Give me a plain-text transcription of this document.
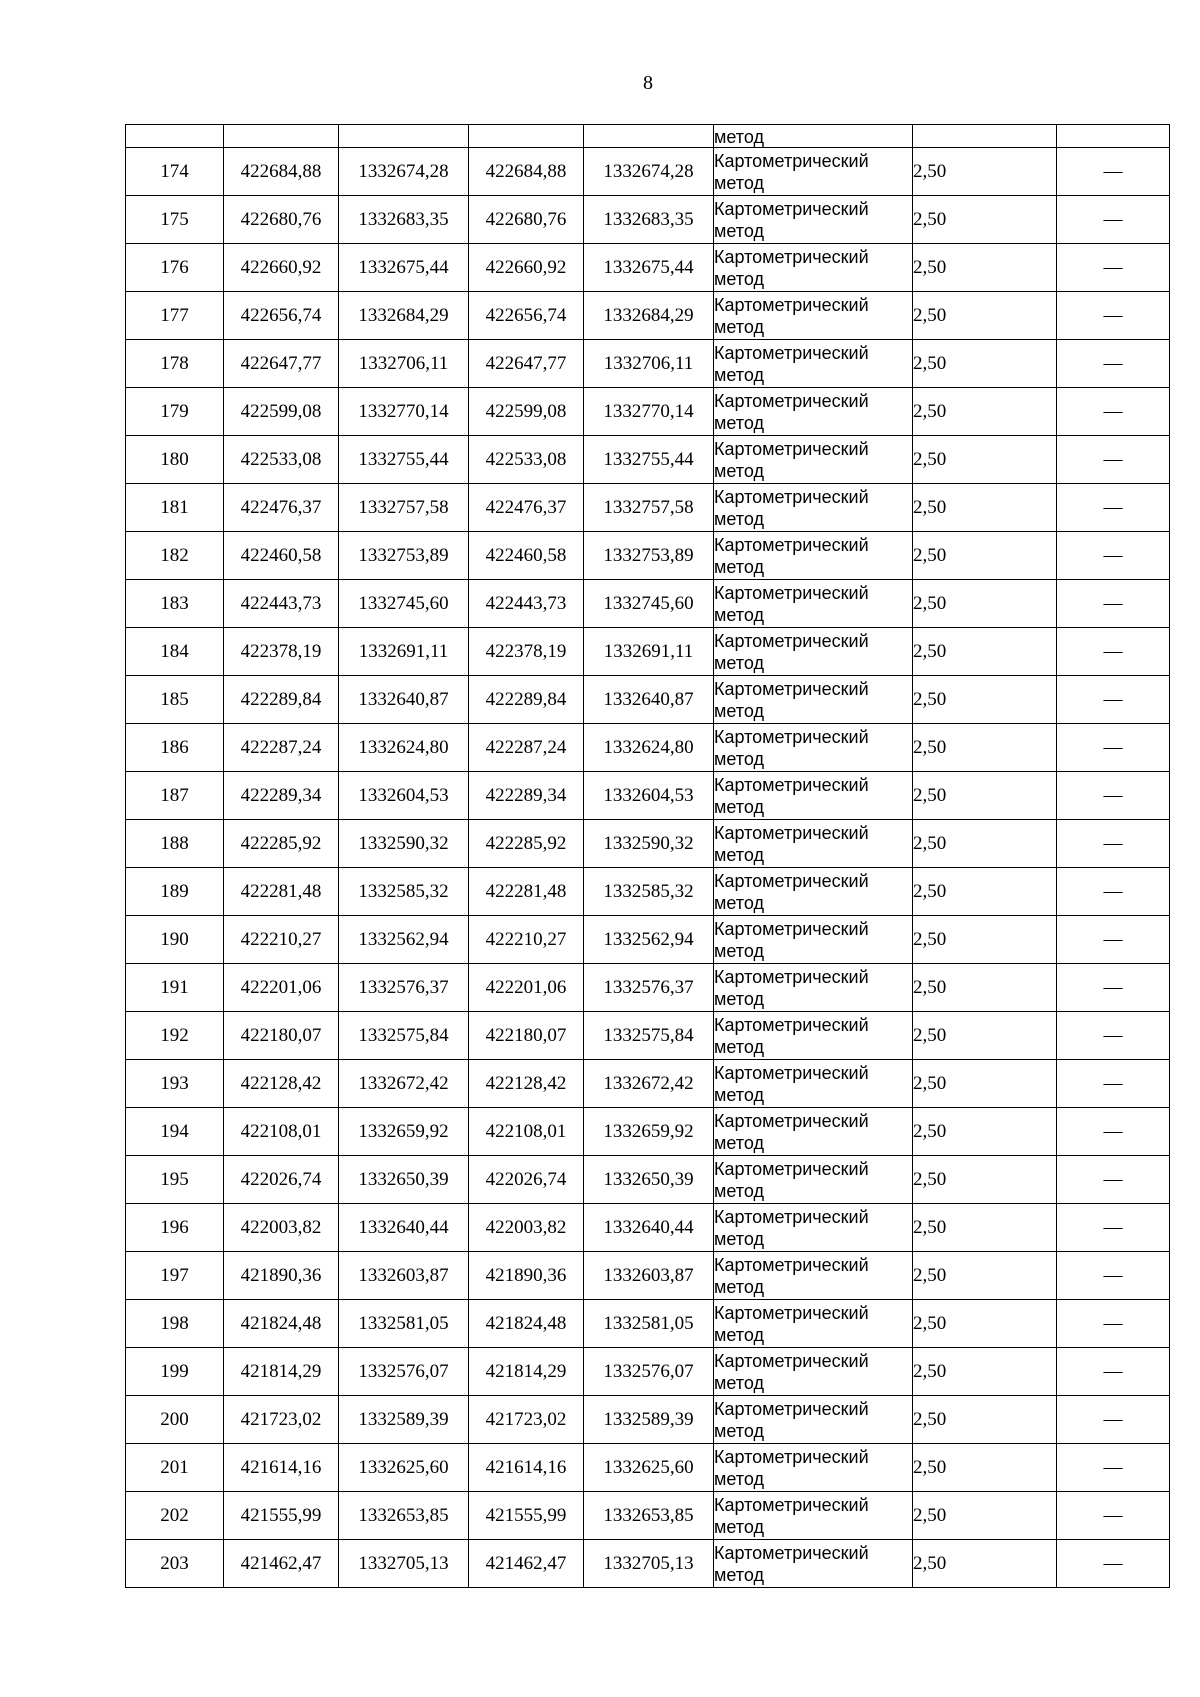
8
					метод		
174	422684,88	1332674,28	422684,88	1332674,28	Картометрический
метод	2,50	—
175	422680,76	1332683,35	422680,76	1332683,35	Картометрический
метод	2,50	—
176	422660,92	1332675,44	422660,92	1332675,44	Картометрический
метод	2,50	—
177	422656,74	1332684,29	422656,74	1332684,29	Картометрический
метод	2,50	—
178	422647,77	1332706,11	422647,77	1332706,11	Картометрический
метод	2,50	—
179	422599,08	1332770,14	422599,08	1332770,14	Картометрический
метод	2,50	—
180	422533,08	1332755,44	422533,08	1332755,44	Картометрический
метод	2,50	—
181	422476,37	1332757,58	422476,37	1332757,58	Картометрический
метод	2,50	—
182	422460,58	1332753,89	422460,58	1332753,89	Картометрический
метод	2,50	—
183	422443,73	1332745,60	422443,73	1332745,60	Картометрический
метод	2,50	—
184	422378,19	1332691,11	422378,19	1332691,11	Картометрический
метод	2,50	—
185	422289,84	1332640,87	422289,84	1332640,87	Картометрический
метод	2,50	—
186	422287,24	1332624,80	422287,24	1332624,80	Картометрический
метод	2,50	—
187	422289,34	1332604,53	422289,34	1332604,53	Картометрический
метод	2,50	—
188	422285,92	1332590,32	422285,92	1332590,32	Картометрический
метод	2,50	—
189	422281,48	1332585,32	422281,48	1332585,32	Картометрический
метод	2,50	—
190	422210,27	1332562,94	422210,27	1332562,94	Картометрический
метод	2,50	—
191	422201,06	1332576,37	422201,06	1332576,37	Картометрический
метод	2,50	—
192	422180,07	1332575,84	422180,07	1332575,84	Картометрический
метод	2,50	—
193	422128,42	1332672,42	422128,42	1332672,42	Картометрический
метод	2,50	—
194	422108,01	1332659,92	422108,01	1332659,92	Картометрический
метод	2,50	—
195	422026,74	1332650,39	422026,74	1332650,39	Картометрический
метод	2,50	—
196	422003,82	1332640,44	422003,82	1332640,44	Картометрический
метод	2,50	—
197	421890,36	1332603,87	421890,36	1332603,87	Картометрический
метод	2,50	—
198	421824,48	1332581,05	421824,48	1332581,05	Картометрический
метод	2,50	—
199	421814,29	1332576,07	421814,29	1332576,07	Картометрический
метод	2,50	—
200	421723,02	1332589,39	421723,02	1332589,39	Картометрический
метод	2,50	—
201	421614,16	1332625,60	421614,16	1332625,60	Картометрический
метод	2,50	—
202	421555,99	1332653,85	421555,99	1332653,85	Картометрический
метод	2,50	—
203	421462,47	1332705,13	421462,47	1332705,13	Картометрический
метод	2,50	—
